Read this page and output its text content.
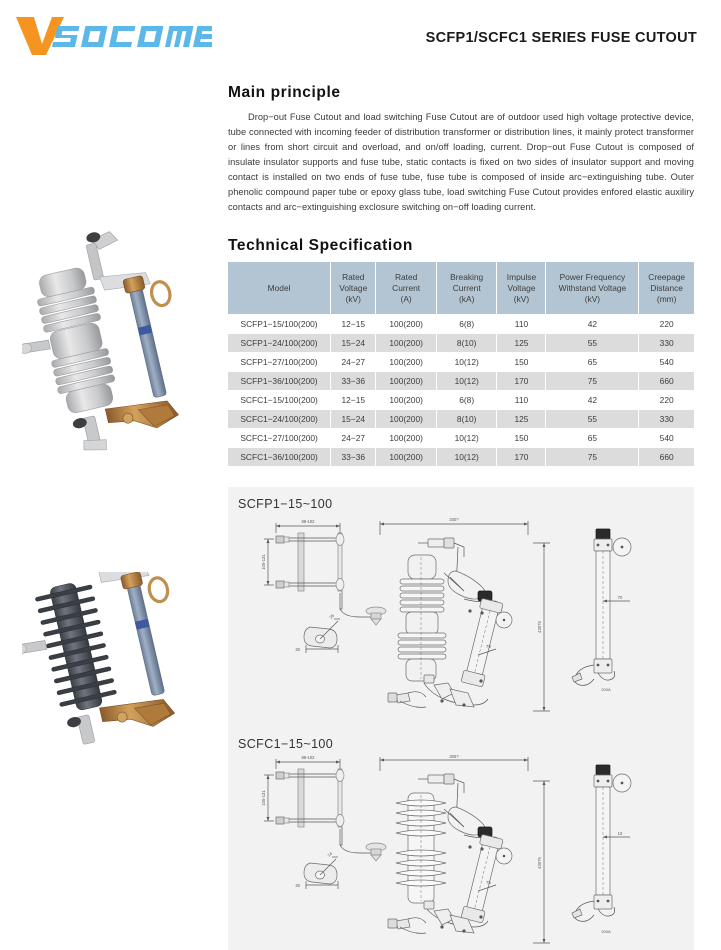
SCFP1/SCFC1 SERIES FUSE CUTOUT
Main principle

Drop−out Fuse Cutout and load switching Fuse Cutout are of outdoor used high voltage protective device, tube connected with incoming feeder of distribution transformer or distribution lines, it mainly protect transformer or lines from short circuit and overload, and on/off loading, current. Drop−out Fuse Cutout is composed of insulate insulator supports and fuse tube, static contacts is fixed on two sides of insulator support and moving contact is installed on two ends of fuse tube, fuse tube is composed of inside arc−extinguishing tube. Outer phenolic compound paper tube or epoxy glass tube, load switching Fuse Cutout provides enfored elastic auxiliry contacts and arc−extinguishing exclosure switching on−off loading current.

Technical Specification
Model	Rated
Voltage
(kV)	Rated
Current
(A)	Breaking
Current
(kA)	Impulse
Voltage
(kV)	Power Frequency
Withstand Voltage
(kV)	Creepage
Distance
(mm)
SCFP1−15/100(200)	12−15	100(200)	6(8)	110	42	220
SCFP1−24/100(200)	15−24	100(200)	8(10)	125	55	330
SCFP1−27/100(200)	24−27	100(200)	10(12)	150	65	540
SCFP1−36/100(200)	33−36	100(200)	10(12)	170	75	660
SCFC1−15/100(200)	12−15	100(200)	6(8)	110	42	220
SCFC1−24/100(200)	15−24	100(200)	8(10)	125	55	330
SCFC1−27/100(200)	24−27	100(200)	10(12)	150	65	540
SCFC1−36/100(200)	33−36	100(200)	10(12)	170	75	660
SCFP1−15~100
88-102
105-131
25
20
340?
430?5
79
70
200A
SCFC1−15~100
88-102
105-131
14
20
305?
430?5
75
10
200A
